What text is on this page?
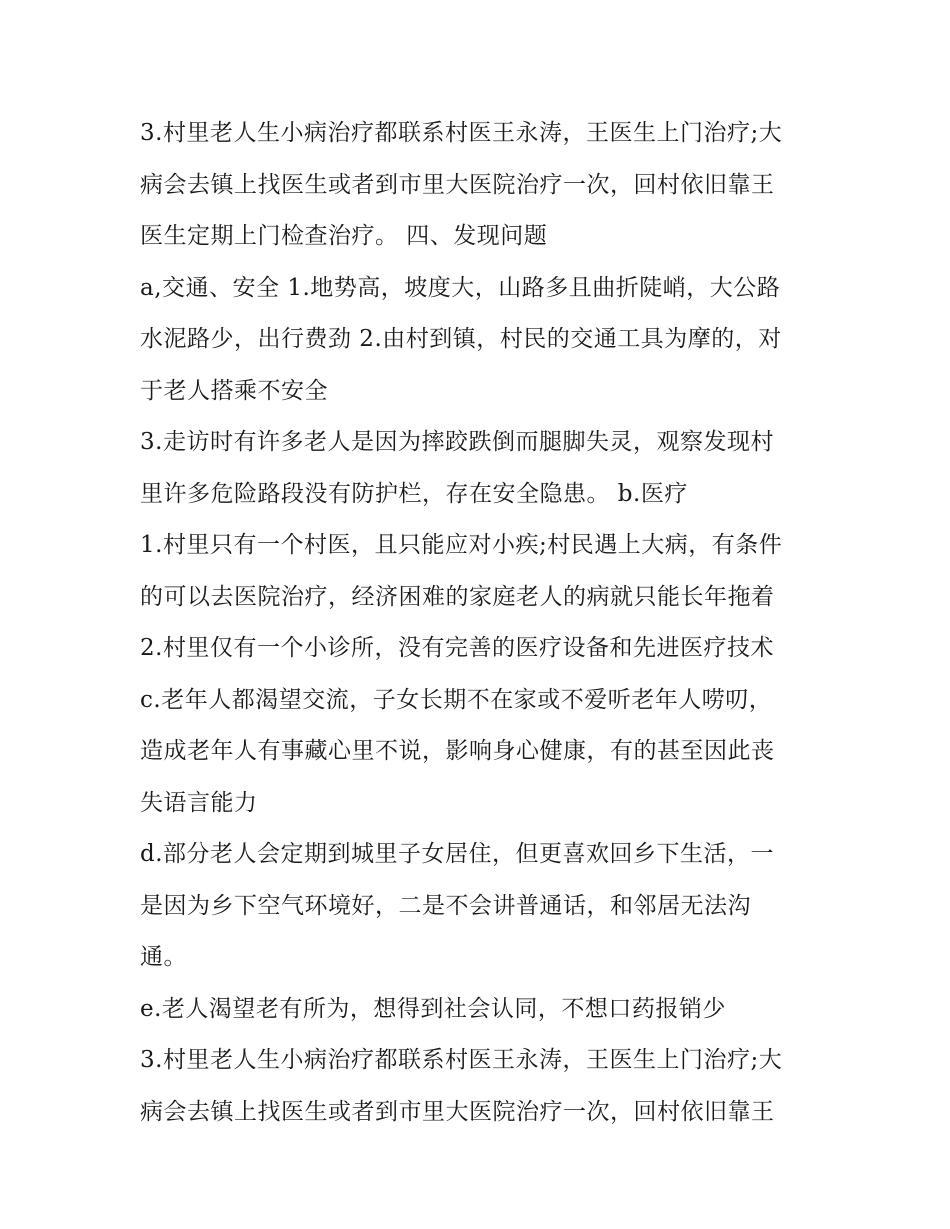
3.村里老人生小病治疗都联系村医王永涛，王医生上门治疗;大
病会去镇上找医生或者到市里大医院治疗一次，回村依旧靠王
医生定期上门检查治疗。 四、发现问题
a,交通、安全 1.地势高，坡度大，山路多且曲折陡峭，大公路
水泥路少，出行费劲 2.由村到镇，村民的交通工具为摩的，对
于老人搭乘不安全
3.走访时有许多老人是因为摔跤跌倒而腿脚失灵，观察发现村
里许多危险路段没有防护栏，存在安全隐患。 b.医疗
1.村里只有一个村医，且只能应对小疾;村民遇上大病，有条件
的可以去医院治疗，经济困难的家庭老人的病就只能长年拖着
2.村里仅有一个小诊所，没有完善的医疗设备和先进医疗技术
c.老年人都渴望交流，子女长期不在家或不爱听老年人唠叨，
造成老年人有事藏心里不说，影响身心健康，有的甚至因此丧
失语言能力
d.部分老人会定期到城里子女居住，但更喜欢回乡下生活，一
是因为乡下空气环境好，二是不会讲普通话，和邻居无法沟
通。
e.老人渴望老有所为，想得到社会认同，不想口药报销少
3.村里老人生小病治疗都联系村医王永涛，王医生上门治疗;大
病会去镇上找医生或者到市里大医院治疗一次，回村依旧靠王
